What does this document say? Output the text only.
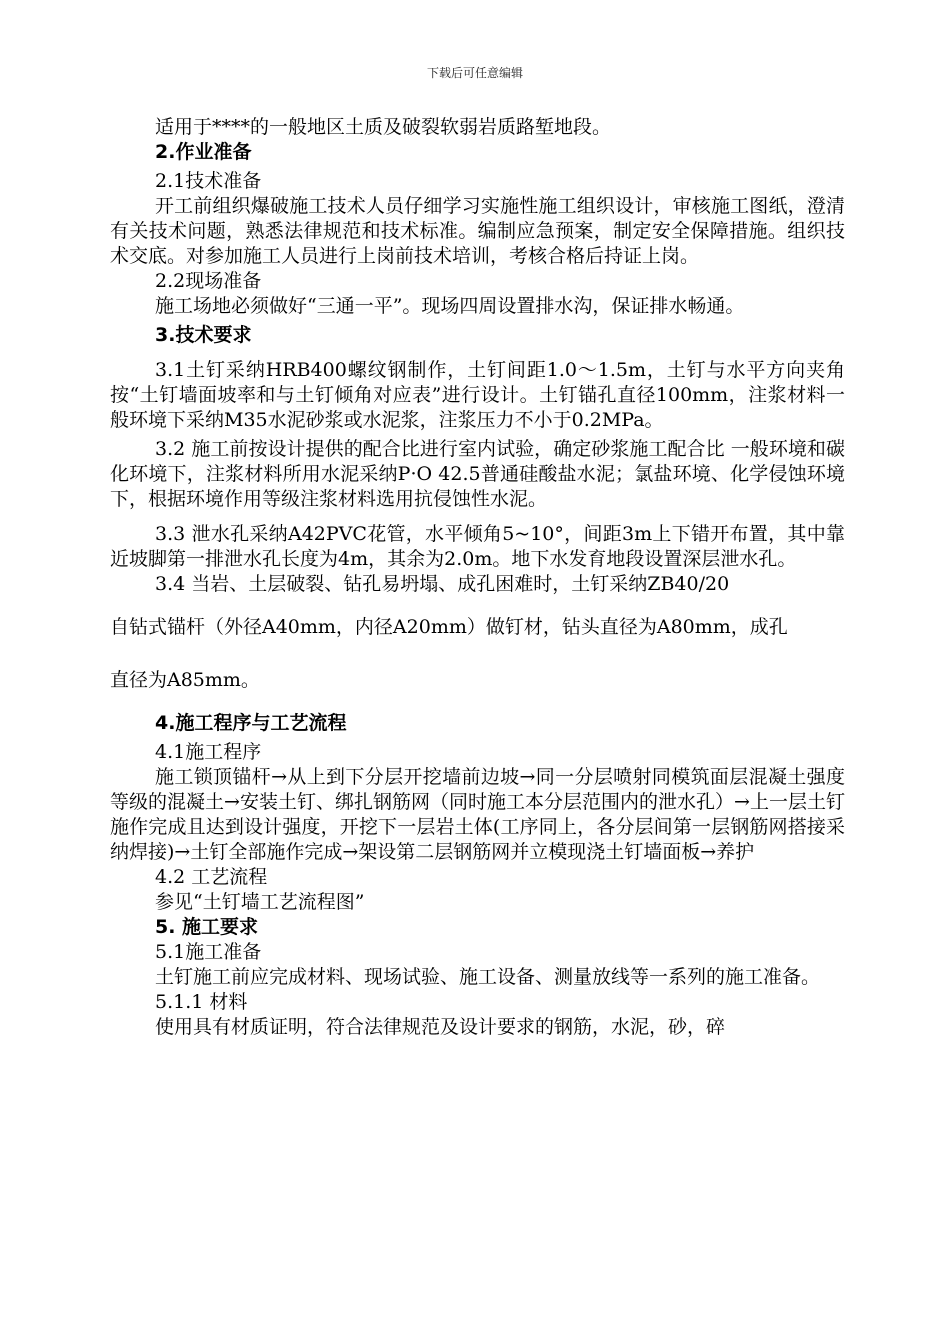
下载后可任意编辑

适用于****的一般地区土质及破裂软弱岩质路堑地段。

2.作业准备

2.1技术准备

开工前组织爆破施工技术人员仔细学习实施性施工组织设计，审核施工图纸，澄清有关技术问题，熟悉法律规范和技术标准。编制应急预案，制定安全保障措施。组织技术交底。对参加施工人员进行上岗前技术培训，考核合格后持证上岗。

2.2现场准备

施工场地必须做好“三通一平”。现场四周设置排水沟，保证排水畅通。

3.技术要求

3.1土钉采纳HRB400螺纹钢制作，土钉间距1.0～1.5m，土钉与水平方向夹角按“土钉墙面坡率和与土钉倾角对应表”进行设计。土钉锚孔直径100mm，注浆材料一般环境下采纳M35水泥砂浆或水泥浆，注浆压力不小于0.2MPa。

3.2 施工前按设计提供的配合比进行室内试验，确定砂浆施工配合比 一般环境和碳化环境下，注浆材料所用水泥采纳P·O 42.5普通硅酸盐水泥；氯盐环境、化学侵蚀环境下，根据环境作用等级注浆材料选用抗侵蚀性水泥。

3.3 泄水孔采纳A42PVC花管，水平倾角5~10°，间距3m上下错开布置，其中靠近坡脚第一排泄水孔长度为4m，其余为2.0m。地下水发育地段设置深层泄水孔。

3.4 当岩、土层破裂、钻孔易坍塌、成孔困难时，土钉采纳ZB40/20

自钻式锚杆（外径A40mm，内径A20mm）做钉材，钻头直径为A80mm，成孔

直径为A85mm。

4.施工程序与工艺流程

4.1施工程序

施工锁顶锚杆→从上到下分层开挖墙前边坡→同一分层喷射同模筑面层混凝土强度等级的混凝土→安装土钉、绑扎钢筋网（同时施工本分层范围内的泄水孔）→上一层土钉施作完成且达到设计强度，开挖下一层岩土体(工序同上，各分层间第一层钢筋网搭接采纳焊接)→土钉全部施作完成→架设第二层钢筋网并立模现浇土钉墙面板→养护

4.2 工艺流程

参见“土钉墙工艺流程图”

5. 施工要求

5.1施工准备

土钉施工前应完成材料、现场试验、施工设备、测量放线等一系列的施工准备。

5.1.1 材料

使用具有材质证明，符合法律规范及设计要求的钢筋，水泥，砂，碎
